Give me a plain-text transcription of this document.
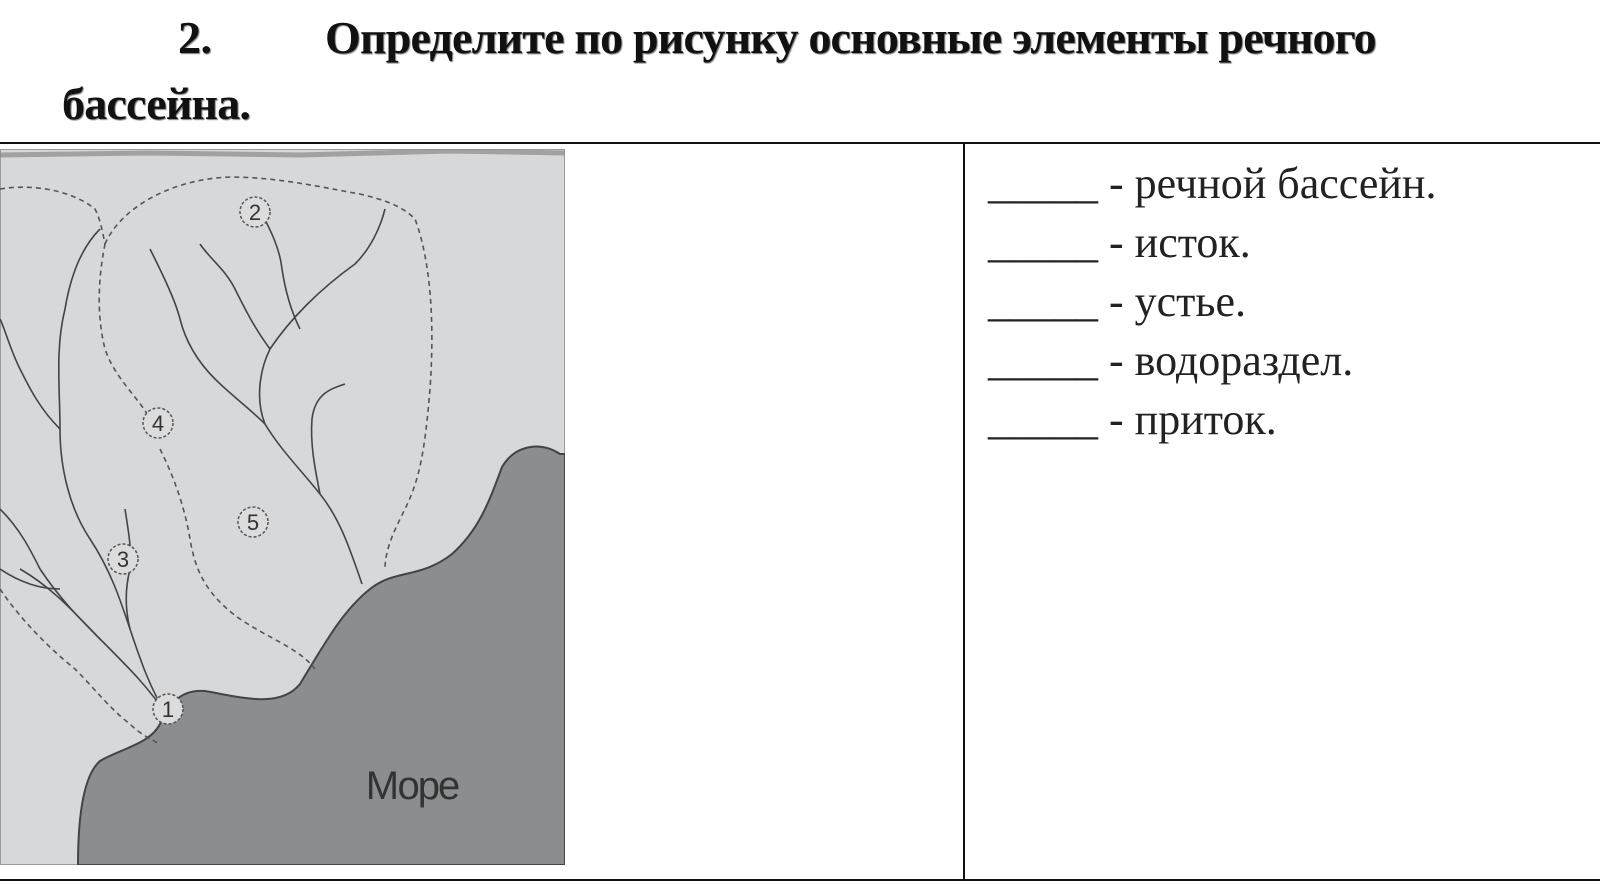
2. Определите по рисунку основные элементы речного
бассейна.
1
2
3
4
5
Море
_____ - речной бассейн.
_____ - исток.
_____ - устье.
_____ - водораздел.
_____ - приток.
